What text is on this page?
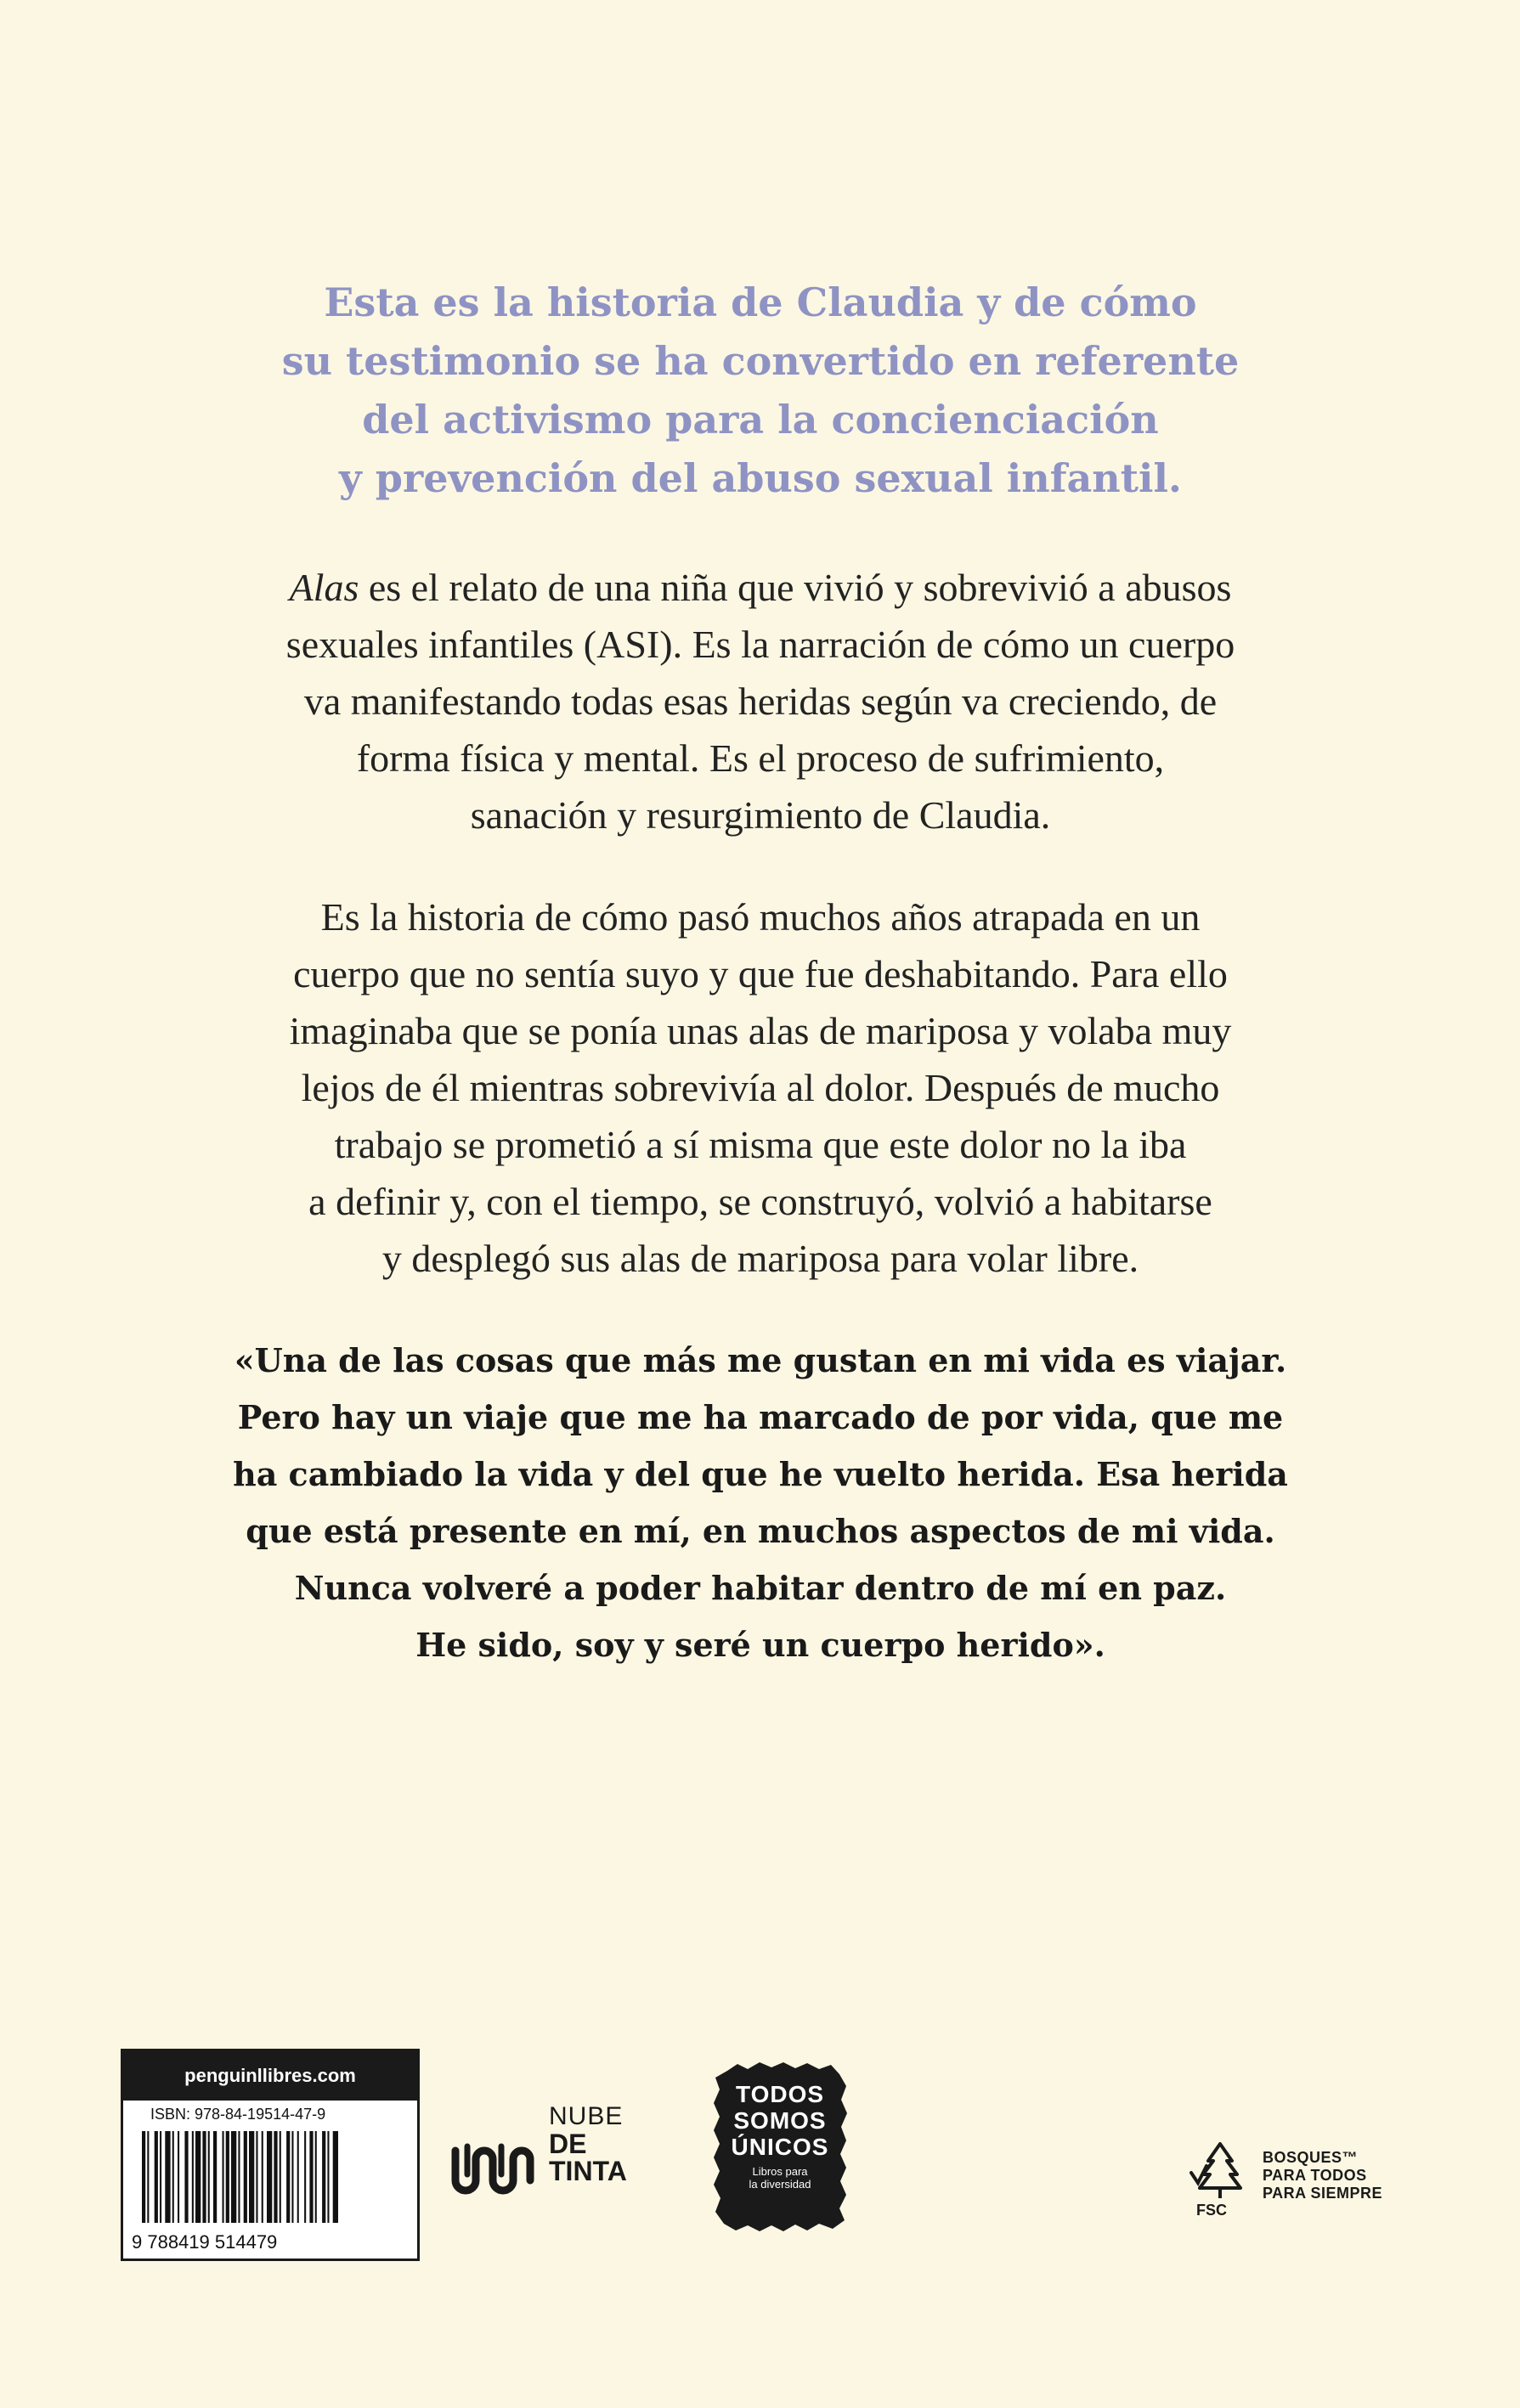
Esta es la historia de Claudia y de cómo
su testimonio se ha convertido en referente
del activismo para la concienciación
y prevención del abuso sexual infantil.
Alas es el relato de una niña que vivió y sobrevivió a abusos
sexuales infantiles (ASI). Es la narración de cómo un cuerpo
va manifestando todas esas heridas según va creciendo, de
forma física y mental. Es el proceso de sufrimiento,
sanación y resurgimiento de Claudia.
Es la historia de cómo pasó muchos años atrapada en un
cuerpo que no sentía suyo y que fue deshabitando. Para ello
imaginaba que se ponía unas alas de mariposa y volaba muy
lejos de él mientras sobrevivía al dolor. Después de mucho
trabajo se prometió a sí misma que este dolor no la iba
a definir y, con el tiempo, se construyó, volvió a habitarse
y desplegó sus alas de mariposa para volar libre.
«Una de las cosas que más me gustan en mi vida es viajar.
Pero hay un viaje que me ha marcado de por vida, que me
ha cambiado la vida y del que he vuelto herida. Esa herida
que está presente en mí, en muchos aspectos de mi vida.
Nunca volveré a poder habitar dentro de mí en paz.
He sido, soy y seré un cuerpo herido».
penguinllibres.com
ISBN: 978-84-19514-47-9
9 788419 514479
NUBE
DE
TINTA
TODOS
SOMOS
ÚNICOS
Libros para
la diversidad
FSC
BOSQUES™
PARA TODOS
PARA SIEMPRE
